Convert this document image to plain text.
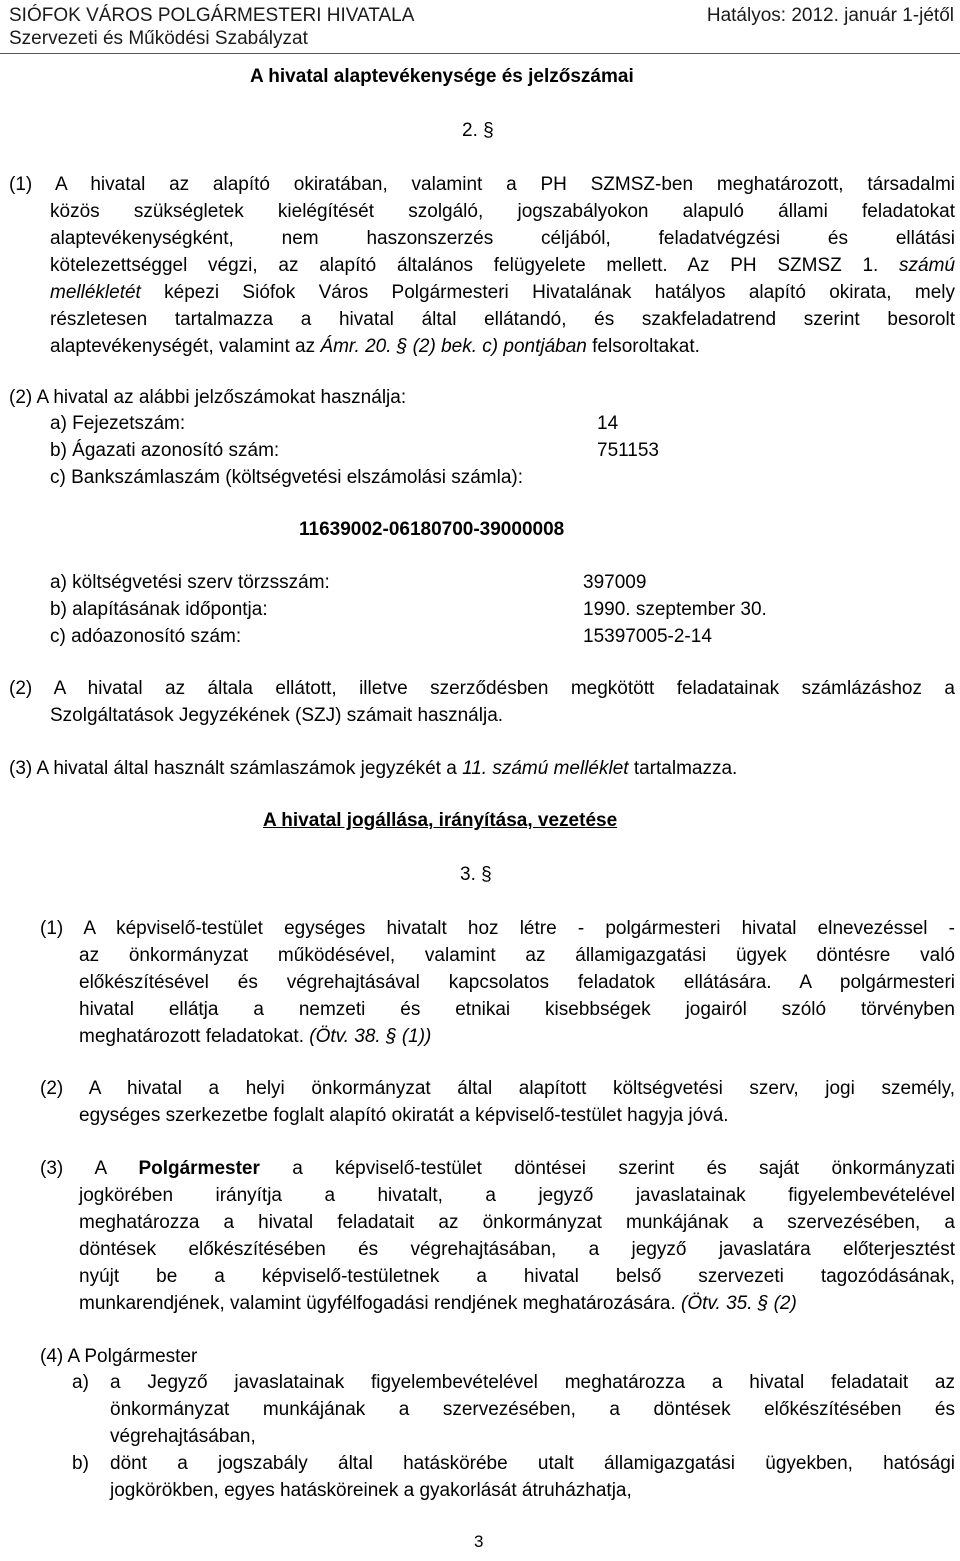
SIÓFOK VÁROS POLGÁRMESTERI HIVATALA
Szervezeti és Működési Szabályzat
Hatályos: 2012. január 1-jétől
A hivatal alaptevékenysége és jelzőszámai
2. §
(1) A hivatal az alapító okiratában, valamint a PH SZMSZ-ben meghatározott, társadalmi
közös szükségletek kielégítését szolgáló, jogszabályokon alapuló állami feladatokat
alaptevékenységként, nem haszonszerzés céljából, feladatvégzési és ellátási
kötelezettséggel végzi, az alapító általános felügyelete mellett. Az PH SZMSZ 1. számú
mellékletét képezi Siófok Város Polgármesteri Hivatalának hatályos alapító okirata, mely
részletesen tartalmazza a hivatal által ellátandó, és szakfeladatrend szerint besorolt
alaptevékenységét, valamint az Ámr. 20. § (2) bek. c) pontjában felsoroltakat.
(2) A hivatal az alábbi jelzőszámokat használja:
a) Fejezetszám:	14
b) Ágazati azonosító szám:	751153
c) Bankszámlaszám (költségvetési elszámolási számla):
11639002-06180700-39000008
a) költségvetési szerv törzsszám:	397009
b) alapításának időpontja:	1990. szeptember 30.
c) adóazonosító szám:	15397005-2-14
(2) A hivatal az általa ellátott, illetve szerződésben megkötött feladatainak számlázáshoz a
Szolgáltatások Jegyzékének (SZJ) számait használja.
(3) A hivatal által használt számlaszámok jegyzékét a 11. számú melléklet tartalmazza.
A hivatal jogállása, irányítása, vezetése
3. §
(1) A képviselő-testület egységes hivatalt hoz létre - polgármesteri hivatal elnevezéssel -
az önkormányzat működésével, valamint az államigazgatási ügyek döntésre való
előkészítésével és végrehajtásával kapcsolatos feladatok ellátására. A polgármesteri
hivatal ellátja a nemzeti és etnikai kisebbségek jogairól szóló törvényben
meghatározott feladatokat. (Ötv. 38. § (1))
(2) A hivatal a helyi önkormányzat által alapított költségvetési szerv, jogi személy,
egységes szerkezetbe foglalt alapító okiratát a képviselő-testület hagyja jóvá.
(3) A Polgármester a képviselő-testület döntései szerint és saját önkormányzati
jogkörében irányítja a hivatalt, a jegyző javaslatainak figyelembevételével
meghatározza a hivatal feladatait az önkormányzat munkájának a szervezésében, a
döntések előkészítésében és végrehajtásában, a jegyző javaslatára előterjesztést
nyújt be a képviselő-testületnek a hivatal belső szervezeti tagozódásának,
munkarendjének, valamint ügyfélfogadási rendjének meghatározására. (Ötv. 35. § (2)
(4) A Polgármester
a) a Jegyző javaslatainak figyelembevételével meghatározza a hivatal feladatait az
önkormányzat munkájának a szervezésében, a döntések előkészítésében és
végrehajtásában,
b) dönt a jogszabály által hatáskörébe utalt államigazgatási ügyekben, hatósági
jogkörökben, egyes hatásköreinek a gyakorlását átruházhatja,
3
